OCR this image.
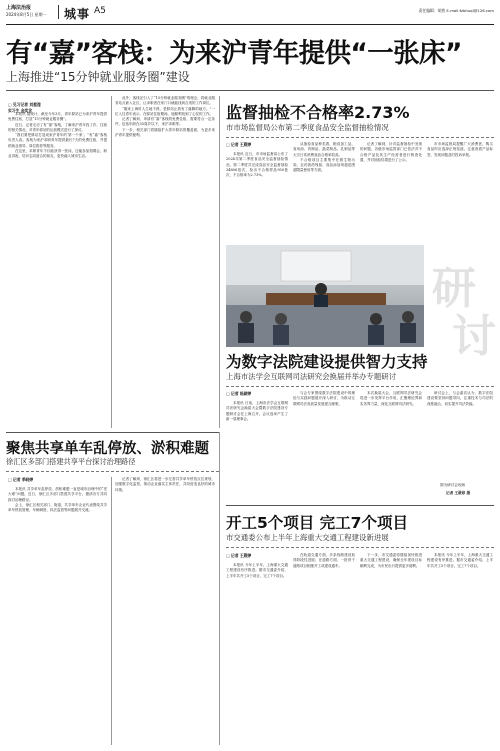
上海法治报
2024年8月5日 星期一 城事 A5	责任编辑：胡茜 E-mail:fzbhuqi@126.com
有“嘉”客栈：为来沪青年提供“一张床”
上海推进“15分钟就业服务圈”建设

□ 见习记者 刘慈滢
实习生 金奕含

本报讯 据统计，截至今年3月，青年驿站已为来沪青年提供免费住宿，打造“15分钟就业服务圈”。

近日，记者走访了有“嘉”客栈，了解来沪青年找工作、住宿的相关情况，对青年驿站的运营模式进行了探访。

“我们要把驿站打造成来沪青年的‘第一个家’。”有“嘉”客栈负责人说。客栈为来沪求职青年提供最长7天的免费住宿，并提供就业指导、岗位推荐等服务。

在这里，求职青年不仅能获得一张床，还能参加招聘会、职业讲座，结识志同道合的朋友，更快融入城市生活。

此外，客栈还引入了“15分钟就业服务圈”的理念，将就业服务站点嵌入社区，让求职者在家门口就能找到合适的工作岗位。

“刚来上海时人生地不熟，是驿站让我有了落脚的地方。”一位入住青年表示，在驿站住宿期间，他顺利找到了心仪的工作。

记者了解到，申请有“嘉”客栈的免费住宿，需要符合一定条件，包括年龄在35周岁以下、来沪求职等。

下一步，相关部门将继续扩大青年驿站的覆盖面，为更多来沪青年提供便利。

监督抽检不合格率2.73%
市市场监督局公布第二季度食品安全监督抽检情况
□ 记者 王葳婷

本报讯 近日，市市场监督局公布了2024年第二季度食品安全监督抽检情况。第二季度共完成食品安全监督抽检34806批次，检出不合格样品950批次，不合格率为2.73%。

从抽检食品种类看，粮食加工品、食用油、肉制品、蔬菜制品、乳制品等大宗日常消费食品合格率较高。

不合格项目主要集中在微生物污染、农药兽药残留、食品添加剂超范围超限量使用等方面。

记者了解到，针对监督抽检中发现的问题，各级市场监管部门已依法对不合格产品及其生产经营者进行核查处置，并对抽检结果进行了公示。

市市场监督局提醒广大消费者，购买食品时应选择正规渠道，注意查看产品标签，发现问题及时投诉举报。

研
讨
为数字法院建设提供智力支持
上海市法学会互联网司法研究会换届并举办专题研讨
□ 记者 陈颖婷

本报讯 日前，上海市法学会互联网司法研究会换届大会暨数字法院建设专题研讨会在上海召开。会议选举产生了新一届理事会。

与会专家围绕数字法院建设中的理论与实践问题展开深入研讨，为推动互联网司法高质量发展建言献策。

本次换届大会，互联网司法研究会将进一步发挥平台作用，汇聚理论界和实务界力量，深化互联网司法研究。

研讨会上，与会嘉宾认为，数字法院建设要坚持问题导向，注重技术与司法的深度融合，切实提升司法效能。

图为研讨会现场
记者 王葳婷 摄
聚焦共享单车乱停放、淤积难题
徐汇区多部门搭建共享平台探讨治理路径
□ 记者 季晓婷

本报讯 共享单车乱停放、淤积难题一直是城市治理中的“老大难”问题。近日，徐汇区多部门搭建共享平台，邀请各方共同探讨治理路径。

会上，徐汇区相关部门、街道、共享单车企业代表围绕共享单车停放管理、车辆调度、执法监管等问题展开交流。

记者了解到，徐汇区将进一步完善共享单车停放点位规划，加强数字化监管，推动企业落实主体责任，共同营造良好的城市环境。

开工5个项目 完工7个项目
市交通委公布上半年上海重大交通工程建设新进展
□ 记者 王葳婷

本报讯 今年上半年，上海重大交通工程建设有序推进。据市交通委介绍，上半年共开工5个项目，完工7个项目。

在轨道交通方面，多条线路建设取得阶段性进展；在道路方面，一批骨干道路项目相继开工或建成通车。

下一步，市交通委将继续加快推进重大交通工程建设，确保全年建设目标顺利完成，为市民出行提供更多便利。

本报讯 今年上半年，上海重大交通工程建设有序推进。据市交通委介绍，上半年共开工5个项目，完工7个项目。
